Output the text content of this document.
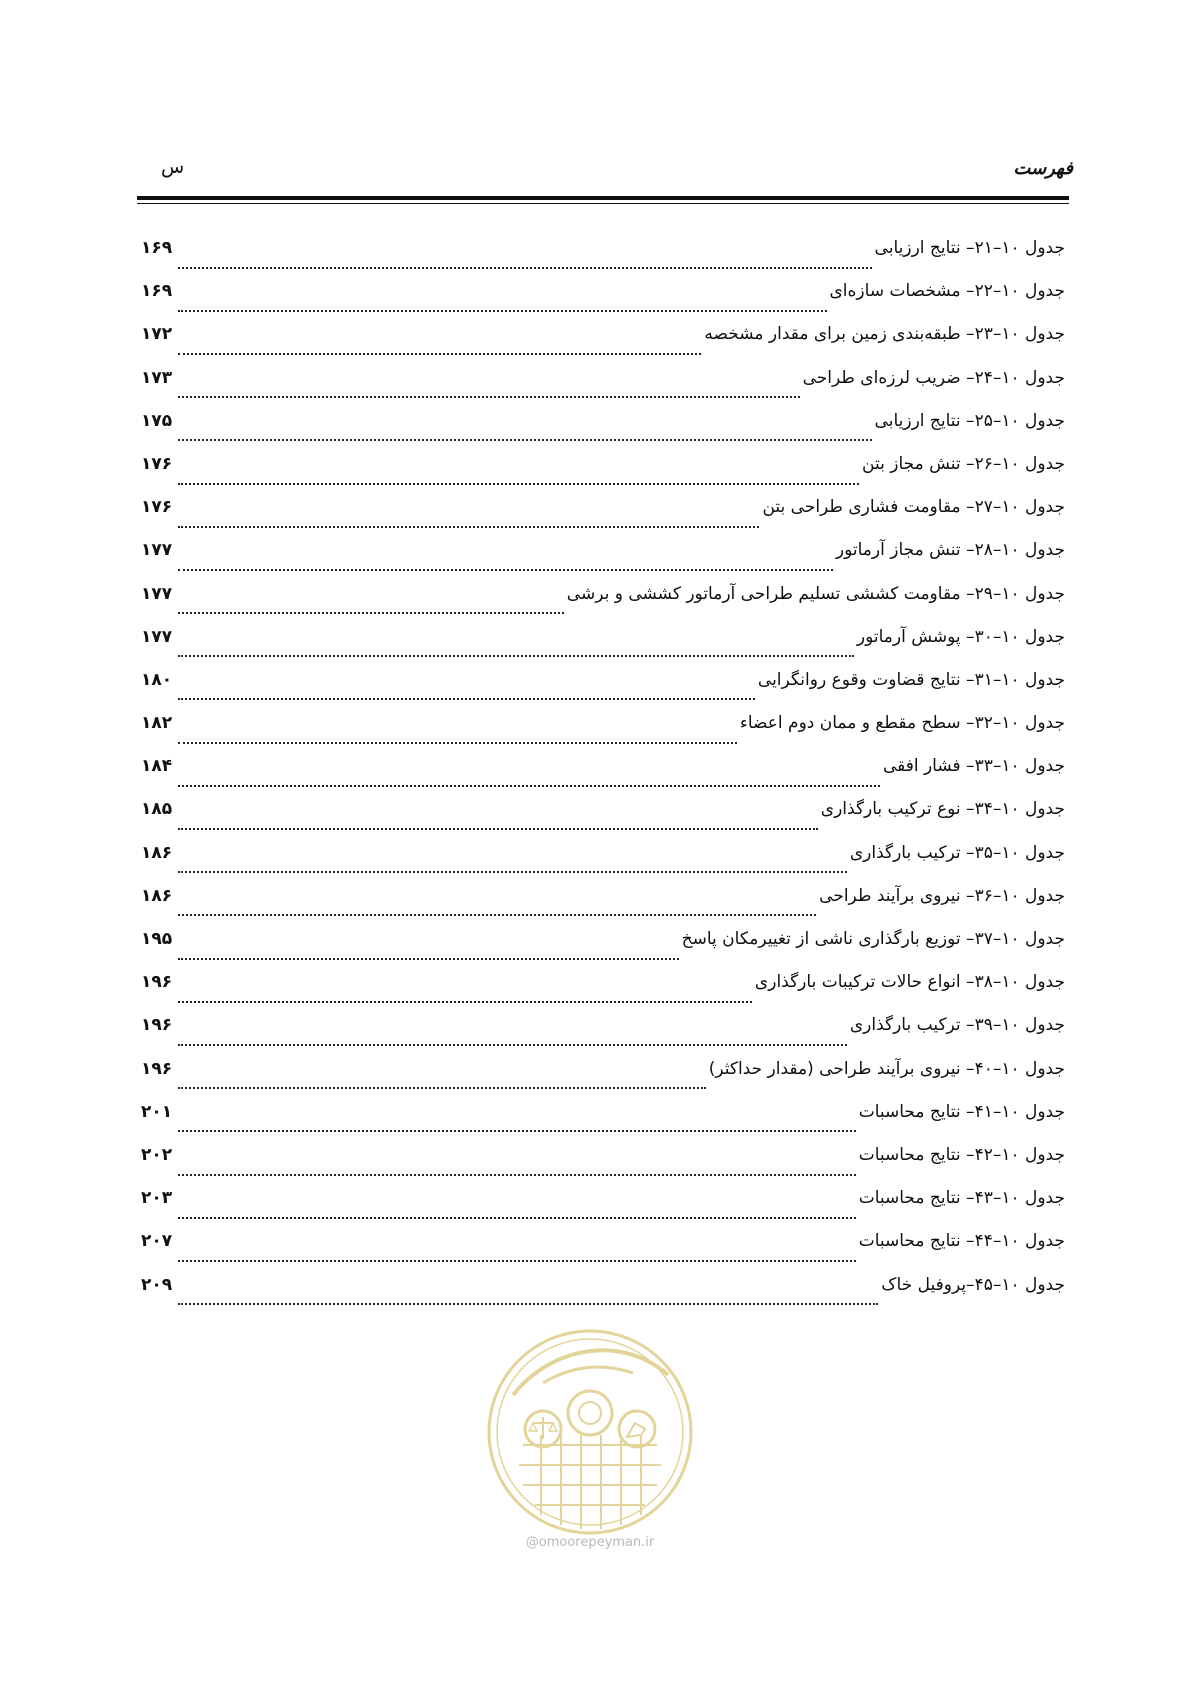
فهرست
س
جدول ۱۰–۲۱– نتایج ارزیابی
۱۶۹
جدول ۱۰–۲۲– مشخصات سازه‌ای
۱۶۹
جدول ۱۰–۲۳– طبقه‌بندی زمین برای مقدار مشخصه
۱۷۲
جدول ۱۰–۲۴– ضریب لرزه‌ای طراحی
۱۷۳
جدول ۱۰–۲۵– نتایج ارزیابی
۱۷۵
جدول ۱۰–۲۶– تنش مجاز بتن
۱۷۶
جدول ۱۰–۲۷– مقاومت فشاری طراحی بتن
۱۷۶
جدول ۱۰–۲۸– تنش مجاز آرماتور
۱۷۷
جدول ۱۰–۲۹– مقاومت کششی تسلیم طراحی آرماتور کششی و برشی
۱۷۷
جدول ۱۰–۳۰– پوشش آرماتور
۱۷۷
جدول ۱۰–۳۱– نتایج قضاوت وقوع روانگرایی
۱۸۰
جدول ۱۰–۳۲– سطح مقطع و ممان دوم اعضاء
۱۸۲
جدول ۱۰–۳۳– فشار افقی
۱۸۴
جدول ۱۰–۳۴– نوع ترکیب بارگذاری
۱۸۵
جدول ۱۰–۳۵– ترکیب بارگذاری
۱۸۶
جدول ۱۰–۳۶– نیروی برآیند طراحی
۱۸۶
جدول ۱۰–۳۷– توزیع بارگذاری ناشی از تغییرمکان پاسخ
۱۹۵
جدول ۱۰–۳۸– انواع حالات ترکیبات بارگذاری
۱۹۶
جدول ۱۰–۳۹– ترکیب بارگذاری
۱۹۶
جدول ۱۰–۴۰– نیروی برآیند طراحی (مقدار حداکثر)
۱۹۶
جدول ۱۰–۴۱– نتایج محاسبات
۲۰۱
جدول ۱۰–۴۲– نتایج محاسبات
۲۰۲
جدول ۱۰–۴۳– نتایج محاسبات
۲۰۳
جدول ۱۰–۴۴– نتایج محاسبات
۲۰۷
جدول ۱۰–۴۵–پروفیل خاک
۲۰۹
@omoorepeyman.ir
